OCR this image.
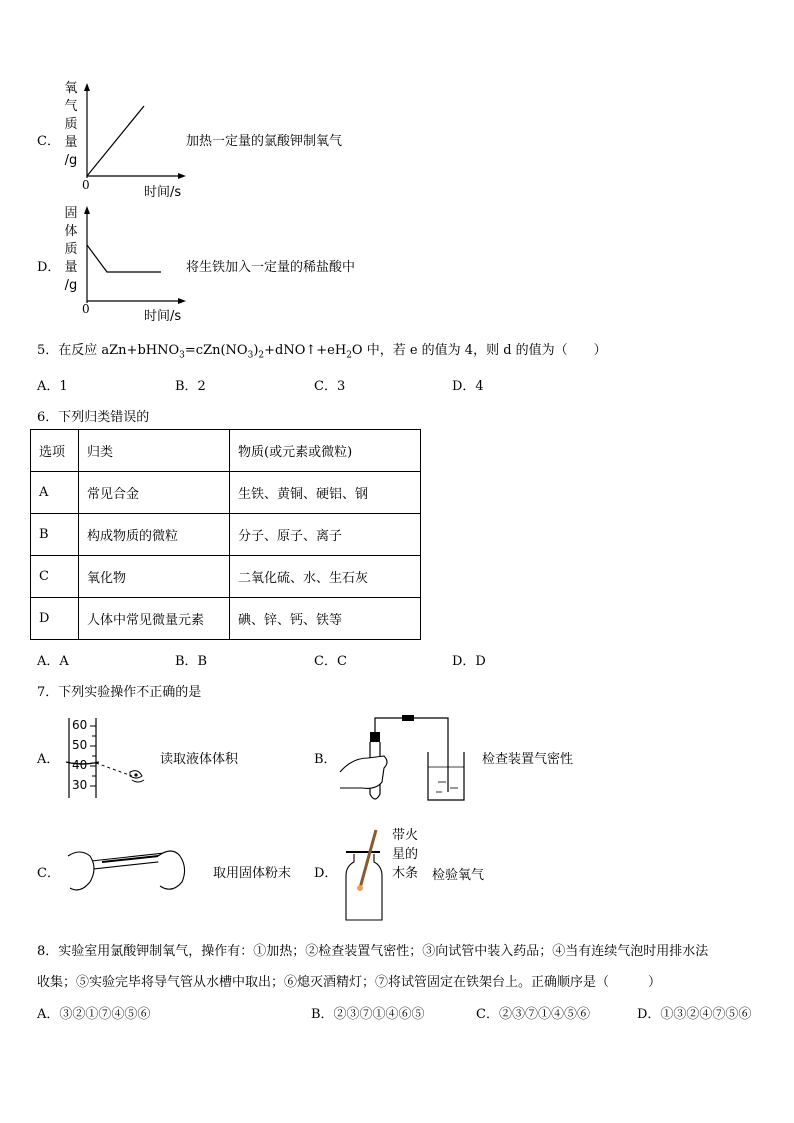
C．
氧
气
质
量
/g
0	时间/s
加热一定量的氯酸钾制氧气
D．
固
体
质
量
/g
0	时间/s
将生铁加入一定量的稀盐酸中
5．在反应 $aZn+bHNO_3=cZn(NO_3)_2+dNO↑+eH_2O$ 中，若 e 的值为 4，则 d 的值为（　　）
A．1	B．2	C．3	D．4
6．下列归类错误的
选项	归类	物质(或元素或微粒)
A	常见合金	生铁、黄铜、硬铝、钢
B	构成物质的微粒	分子、原子、离子
C	氧化物	二氧化硫、水、生石灰
D	人体中常见微量元素	碘、锌、钙、铁等
A．A	B．B	C．C	D．D
7．下列实验操作不正确的是
A．
60
50
40
30
读取液体体积	B．	检查装置气密性
C．	取用固体粉末 D．
带火
星的
木条 检验氧气
8．实验室用氯酸钾制氧气，操作有：①加热；②检查装置气密性；③向试管中装入药品；④当有连续气泡时用排水法
收集；⑤实验完毕将导气管从水槽中取出；⑥熄灭酒精灯；⑦将试管固定在铁架台上。正确顺序是（　　　）
A．③②①⑦④⑤⑥	B．②③⑦①④⑥⑤	C．②③⑦①④⑤⑥	D．①③②④⑦⑤⑥
